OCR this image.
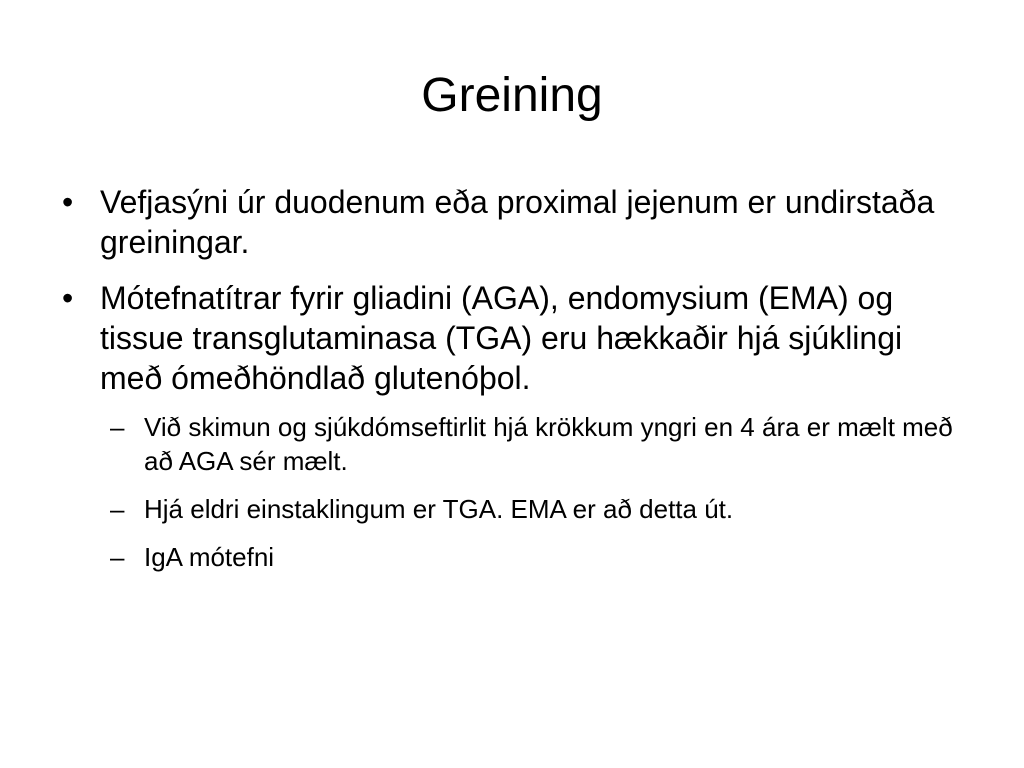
Greining
• Vefjasýni úr duodenum eða proximal jejenum er undirstaða greiningar.
• Mótefnatítrar fyrir gliadini (AGA), endomysium (EMA) og tissue transglutaminasa (TGA) eru hækkaðir hjá sjúklingi með ómeðhöndlað glutenóþol.
– Við skimun og sjúkdómseftirlit hjá krökkum yngri en 4 ára er mælt með að AGA sér mælt.
– Hjá eldri einstaklingum er TGA. EMA er að detta út.
– IgA mótefni
